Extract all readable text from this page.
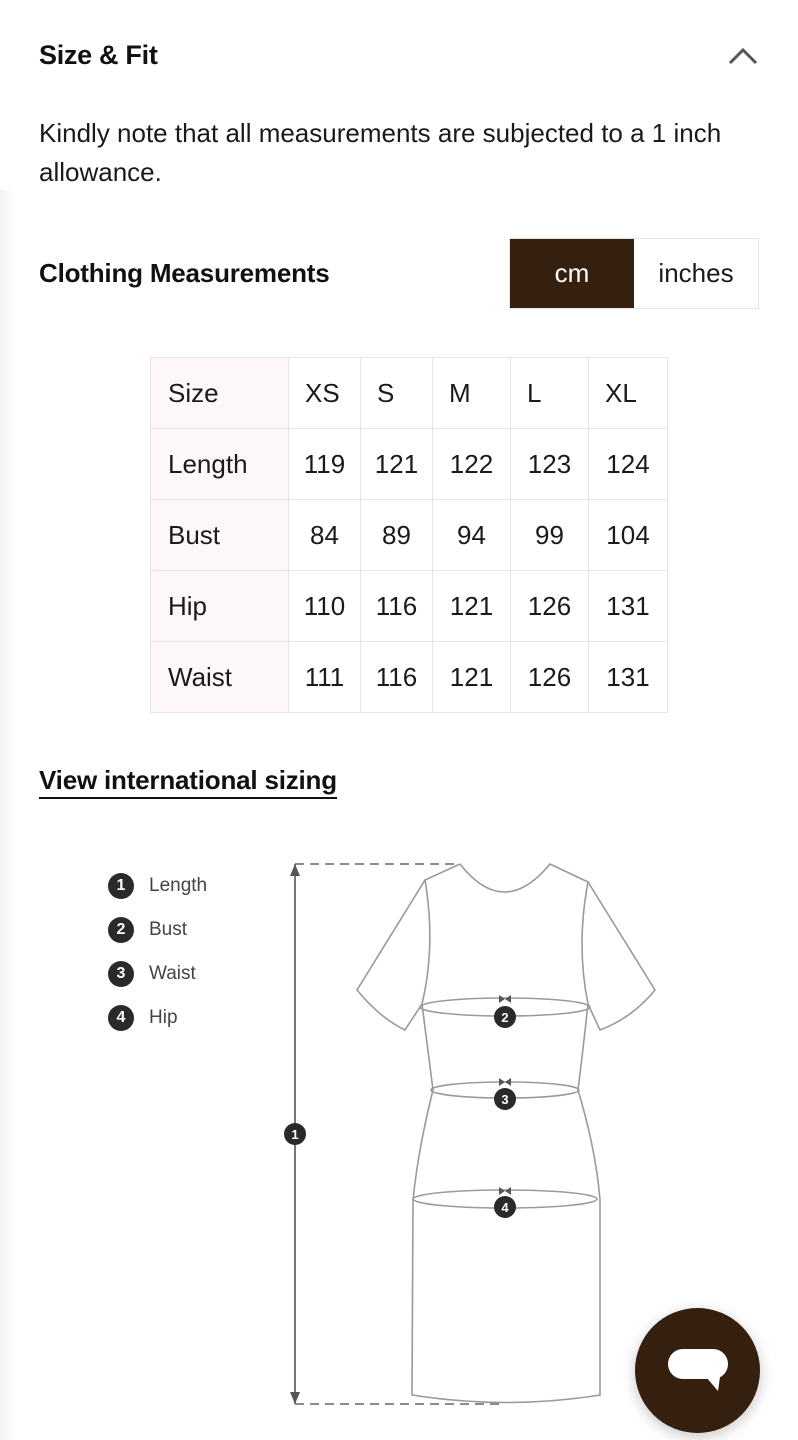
Size & Fit
Kindly note that all measurements are subjected to a 1 inch allowance.
Clothing Measurements	cm	inches
Size	XS	S	M	L	XL
Length	119	121	122	123	124
Bust	84	89	94	99	104
Hip	110	116	121	126	131
Waist	111	116	121	126	131
View international sizing
1	Length
2	Bust
3	Waist
4	Hip
1
2
3
4
